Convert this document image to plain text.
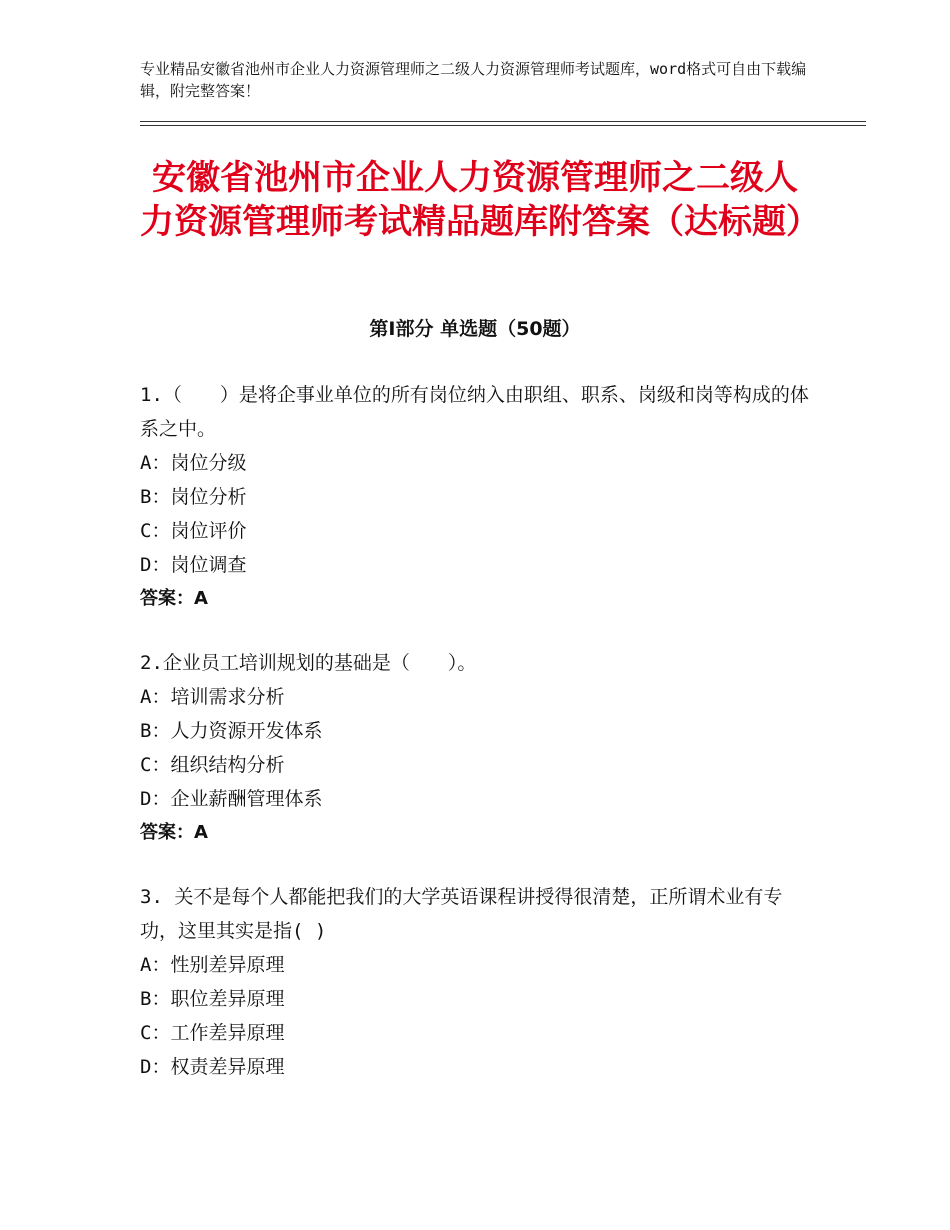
专业精品安徽省池州市企业人力资源管理师之二级人力资源管理师考试题库，word格式可自由下载编辑，附完整答案！
安徽省池州市企业人力资源管理师之二级人力资源管理师考试精品题库附答案（达标题）
第Ⅰ部分 单选题（50题）

1.（　　）是将企事业单位的所有岗位纳入由职组、职系、岗级和岗等构成的体系之中。

A：岗位分级

B：岗位分析

C：岗位评价

D：岗位调查

答案：A

2.企业员工培训规划的基础是（　　）。

A：培训需求分析

B：人力资源开发体系

C：组织结构分析

D：企业薪酬管理体系

答案：A

3. 关不是每个人都能把我们的大学英语课程讲授得很清楚，正所谓术业有专功，这里其实是指( )

A：性别差异原理

B：职位差异原理

C：工作差异原理

D：权责差异原理
